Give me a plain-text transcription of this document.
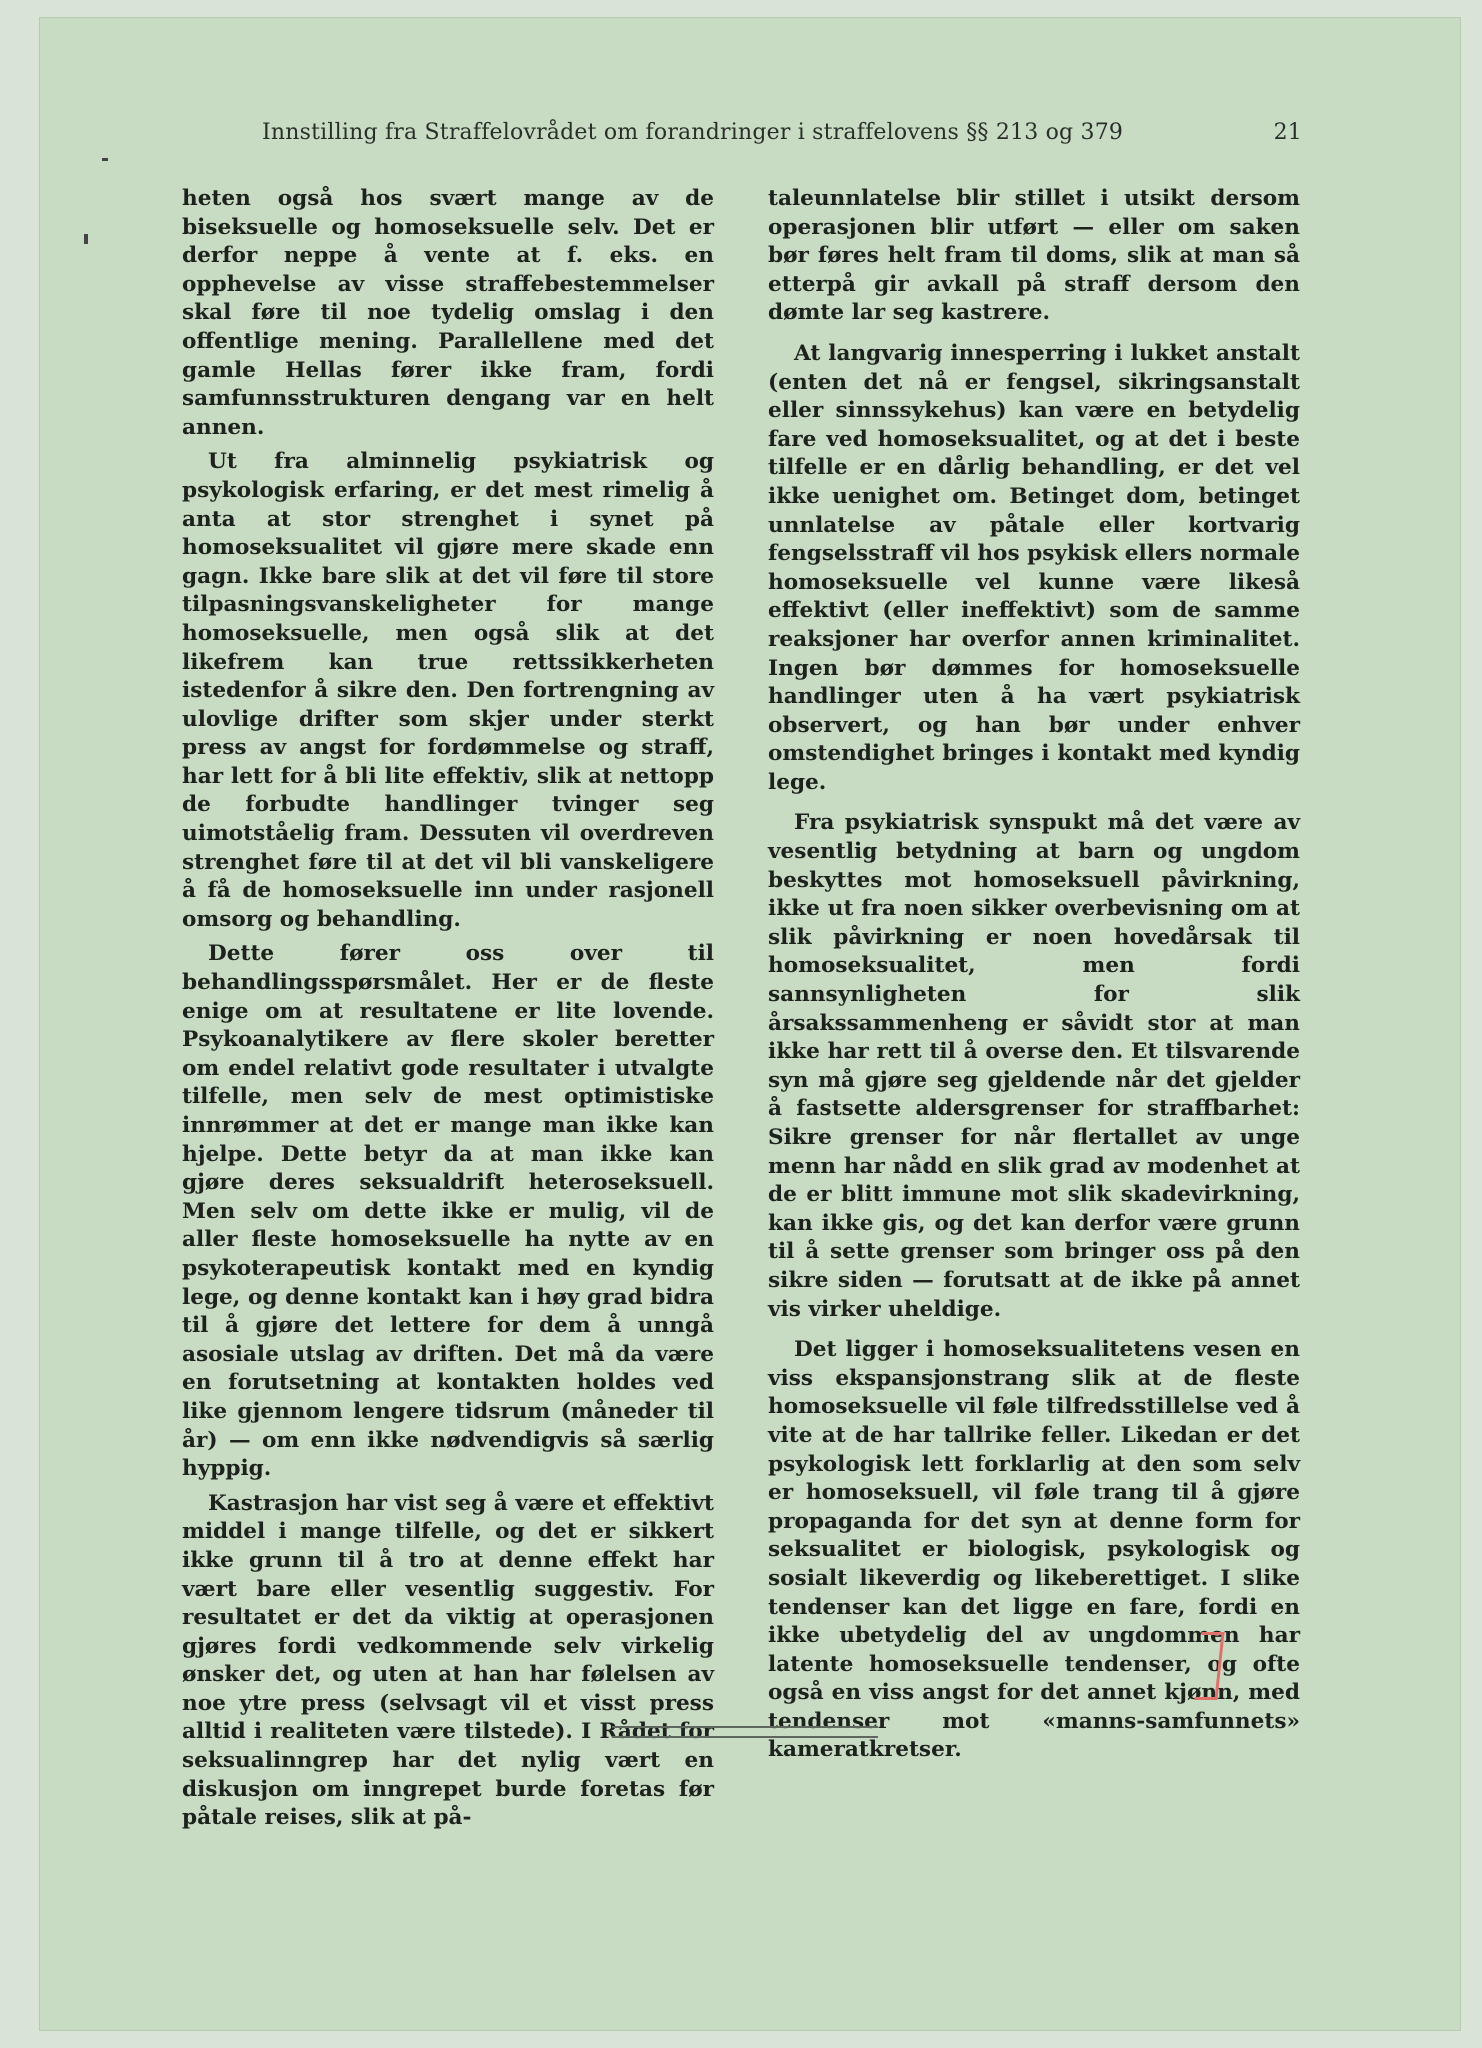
Innstilling fra Straffelovrådet om forandringer i straffelovens §§ 213 og 379	21

heten også hos svært mange av de biseksuelle og homoseksuelle selv. Det er derfor neppe å vente at f. eks. en opphevelse av visse straffebestemmelser skal føre til noe tydelig omslag i den offentlige mening. Parallellene med det gamle Hellas fører ikke fram, fordi samfunnsstrukturen dengang var en helt annen.

Ut fra alminnelig psykiatrisk og psykologisk erfaring, er det mest rimelig å anta at stor strenghet i synet på homoseksualitet vil gjøre mere skade enn gagn. Ikke bare slik at det vil føre til store tilpasningsvanskeligheter for mange homoseksuelle, men også slik at det likefrem kan true rettssikkerheten istedenfor å sikre den. Den fortrengning av ulovlige drifter som skjer under sterkt press av angst for fordømmelse og straff, har lett for å bli lite effektiv, slik at nettopp de forbudte handlinger tvinger seg uimotståelig fram. Dessuten vil overdreven strenghet føre til at det vil bli vanskeligere å få de homoseksuelle inn under rasjonell omsorg og behandling.

Dette fører oss over til behandlingsspørsmålet. Her er de fleste enige om at resultatene er lite lovende. Psykoanalytikere av flere skoler beretter om endel relativt gode resultater i utvalgte tilfelle, men selv de mest optimistiske innrømmer at det er mange man ikke kan hjelpe. Dette betyr da at man ikke kan gjøre deres seksualdrift heteroseksuell. Men selv om dette ikke er mulig, vil de aller fleste homoseksuelle ha nytte av en psykoterapeutisk kontakt med en kyndig lege, og denne kontakt kan i høy grad bidra til å gjøre det lettere for dem å unngå asosiale utslag av driften. Det må da være en forutsetning at kontakten holdes ved like gjennom lengere tidsrum (måneder til år) — om enn ikke nødvendigvis så særlig hyppig.

Kastrasjon har vist seg å være et effektivt middel i mange tilfelle, og det er sikkert ikke grunn til å tro at denne effekt har vært bare eller vesentlig suggestiv. For resultatet er det da viktig at operasjonen gjøres fordi vedkommende selv virkelig ønsker det, og uten at han har følelsen av noe ytre press (selvsagt vil et visst press alltid i realiteten være tilstede). I Rådet for seksualinngrep har det nylig vært en diskusjon om inngrepet burde foretas før påtale reises, slik at på-

taleunnlatelse blir stillet i utsikt dersom operasjonen blir utført — eller om saken bør føres helt fram til doms, slik at man så etterpå gir avkall på straff dersom den dømte lar seg kastrere.

At langvarig innesperring i lukket anstalt (enten det nå er fengsel, sikringsanstalt eller sinnssykehus) kan være en betydelig fare ved homoseksualitet, og at det i beste tilfelle er en dårlig behandling, er det vel ikke uenighet om. Betinget dom, betinget unnlatelse av påtale eller kortvarig fengselsstraff vil hos psykisk ellers normale homoseksuelle vel kunne være likeså effektivt (eller ineffektivt) som de samme reaksjoner har overfor annen kriminalitet. Ingen bør dømmes for homoseksuelle handlinger uten å ha vært psykiatrisk observert, og han bør under enhver omstendighet bringes i kontakt med kyndig lege.

Fra psykiatrisk synspukt må det være av vesentlig betydning at barn og ungdom beskyttes mot homoseksuell påvirkning, ikke ut fra noen sikker overbevisning om at slik påvirkning er noen hovedårsak til homoseksualitet, men fordi sannsynligheten for slik årsakssammenheng er såvidt stor at man ikke har rett til å overse den. Et tilsvarende syn må gjøre seg gjeldende når det gjelder å fastsette aldersgrenser for straffbarhet: Sikre grenser for når flertallet av unge menn har nådd en slik grad av modenhet at de er blitt immune mot slik skadevirkning, kan ikke gis, og det kan derfor være grunn til å sette grenser som bringer oss på den sikre siden — forutsatt at de ikke på annet vis virker uheldige.

Det ligger i homoseksualitetens vesen en viss ekspansjonstrang slik at de fleste homoseksuelle vil føle tilfredsstillelse ved å vite at de har tallrike feller. Likedan er det psykologisk lett forklarlig at den som selv er homoseksuell, vil føle trang til å gjøre propaganda for det syn at denne form for seksualitet er biologisk, psykologisk og sosialt likeverdig og likeberettiget. I slike tendenser kan det ligge en fare, fordi en ikke ubetydelig del av ungdommen har latente homoseksuelle tendenser, og ofte også en viss angst for det annet kjønn, med tendenser mot «manns-samfunnets» kameratkretser.
